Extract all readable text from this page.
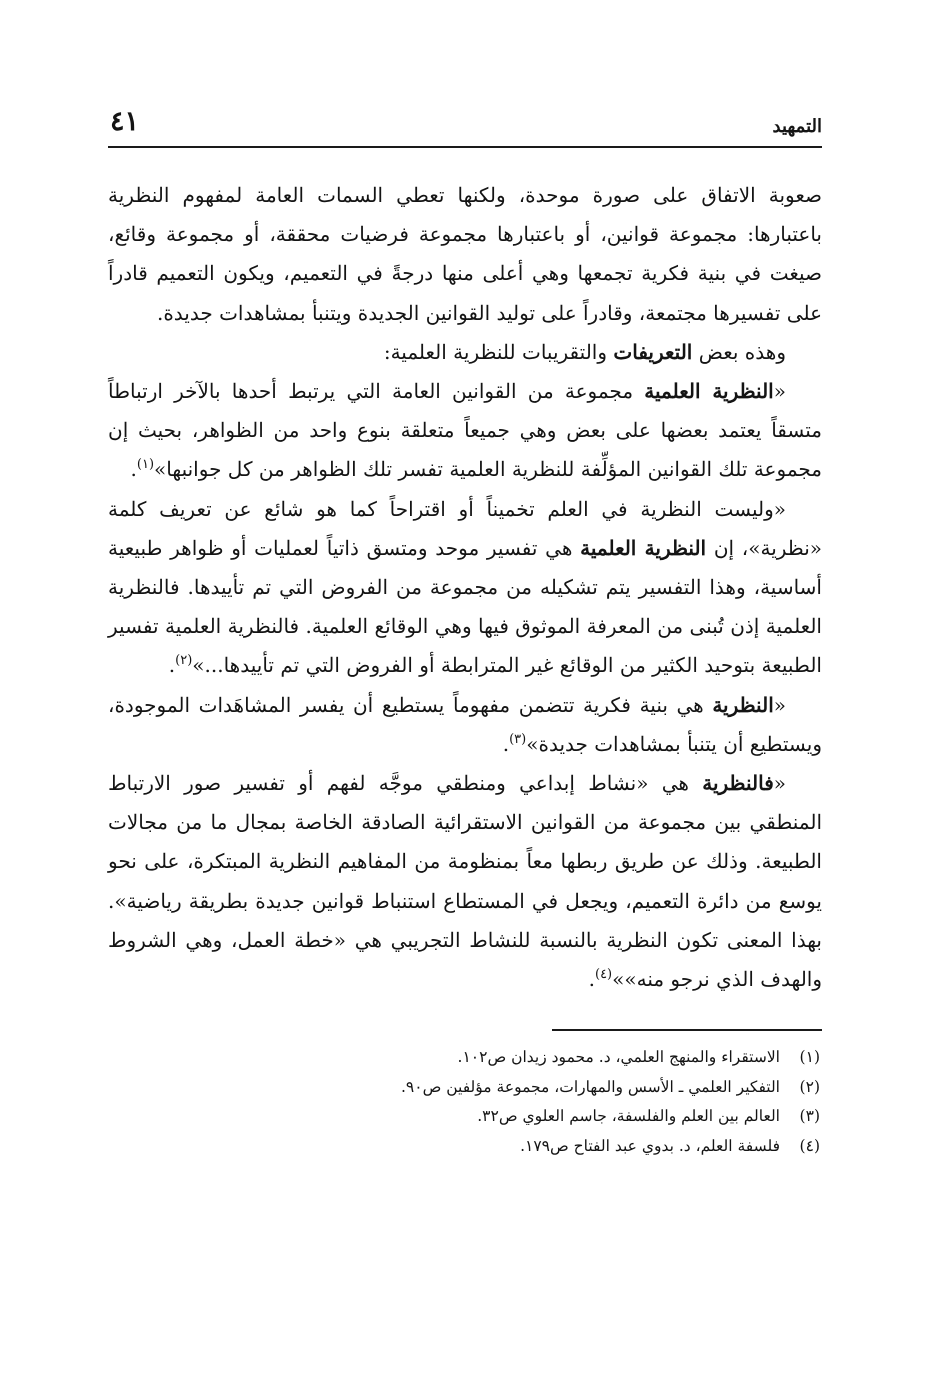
التمهيد
٤١

صعوبة الاتفاق على صورة موحدة، ولكنها تعطي السمات العامة لمفهوم النظرية باعتبارها: مجموعة قوانين، أو باعتبارها مجموعة فرضيات محققة، أو مجموعة وقائع، صيغت في بنية فكرية تجمعها وهي أعلى منها درجةً في التعميم، ويكون التعميم قادراً على تفسيرها مجتمعة، وقادراً على توليد القوانين الجديدة ويتنبأ بمشاهدات جديدة.

وهذه بعض التعريفات والتقريبات للنظرية العلمية:

«النظرية العلمية مجموعة من القوانين العامة التي يرتبط أحدها بالآخر ارتباطاً متسقاً يعتمد بعضها على بعض وهي جميعاً متعلقة بنوع واحد من الظواهر، بحيث إن مجموعة تلك القوانين المؤلِّفة للنظرية العلمية تفسر تلك الظواهر من كل جوانبها»$^{(١)}$.

«وليست النظرية في العلم تخميناً أو اقتراحاً كما هو شائع عن تعريف كلمة «نظرية»، إن النظرية العلمية هي تفسير موحد ومتسق ذاتياً لعمليات أو ظواهر طبيعية أساسية، وهذا التفسير يتم تشكيله من مجموعة من الفروض التي تم تأييدها. فالنظرية العلمية إذن تُبنى من المعرفة الموثوق فيها وهي الوقائع العلمية. فالنظرية العلمية تفسير الطبيعة بتوحيد الكثير من الوقائع غير المترابطة أو الفروض التي تم تأييدها...»$^{(٢)}$.

«النظرية هي بنية فكرية تتضمن مفهوماً يستطيع أن يفسر المشاهَدات الموجودة، ويستطيع أن يتنبأ بمشاهدات جديدة»$^{(٣)}$.

«فالنظرية هي «نشاط إبداعي ومنطقي موجَّه لفهم أو تفسير صور الارتباط المنطقي بين مجموعة من القوانين الاستقرائية الصادقة الخاصة بمجال ما من مجالات الطبيعة. وذلك عن طريق ربطها معاً بمنظومة من المفاهيم النظرية المبتكرة، على نحو يوسع من دائرة التعميم، ويجعل في المستطاع استنباط قوانين جديدة بطريقة رياضية». بهذا المعنى تكون النظرية بالنسبة للنشاط التجريبي هي «خطة العمل، وهي الشروط والهدف الذي نرجو منه»»$^{(٤)}$.

(١)
الاستقراء والمنهج العلمي، د. محمود زيدان ص١٠٢.
(٢)
التفكير العلمي ـ الأسس والمهارات، مجموعة مؤلفين ص٩٠.
(٣)
العالم بين العلم والفلسفة، جاسم العلوي ص٣٢.
(٤)
فلسفة العلم، د. بدوي عبد الفتاح ص١٧٩.
